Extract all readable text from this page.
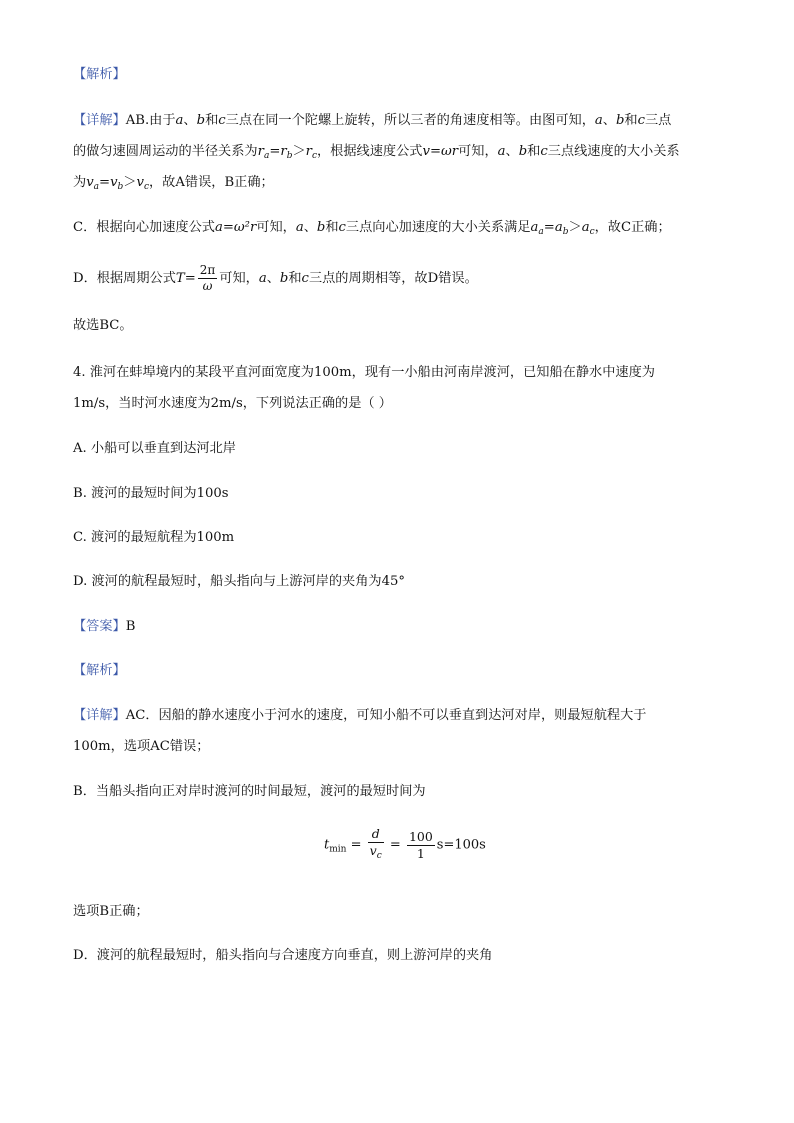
【解析】
【详解】AB.由于a、b和c三点在同一个陀螺上旋转，所以三者的角速度相等。由图可知，a、b和c三点
的做匀速圆周运动的半径关系为$r_a=r_b>r_c$，根据线速度公式v=ωr可知，a、b和c三点线速度的大小关系
为$v_a=v_b>v_c$，故A错误，B正确；
C．根据向心加速度公式a=ω²r可知，a、b和c三点向心加速度的大小关系满足$a_a=a_b>a_c$，故C正确；
D．根据周期公式$T= \frac{2\pi}{\omega}$ 可知，a、b和c三点的周期相等，故D错误。
故选BC。
4. 淮河在蚌埠境内的某段平直河面宽度为100m，现有一小船由河南岸渡河，已知船在静水中速度为
1m/s，当时河水速度为2m/s，下列说法正确的是（ ）
A. 小船可以垂直到达河北岸
B. 渡河的最短时间为100s
C. 渡河的最短航程为100m
D. 渡河的航程最短时，船头指向与上游河岸的夹角为45°
【答案】B
【解析】
【详解】AC．因船的静水速度小于河水的速度，可知小船不可以垂直到达河对岸，则最短航程大于
100m，选项AC错误；
B．当船头指向正对岸时渡河的时间最短，渡河的最短时间为
$t_{min} = \frac{d}{v_c} = \frac{100}{1} s=100s$
选项B正确；
D．渡河的航程最短时，船头指向与合速度方向垂直，则上游河岸的夹角
